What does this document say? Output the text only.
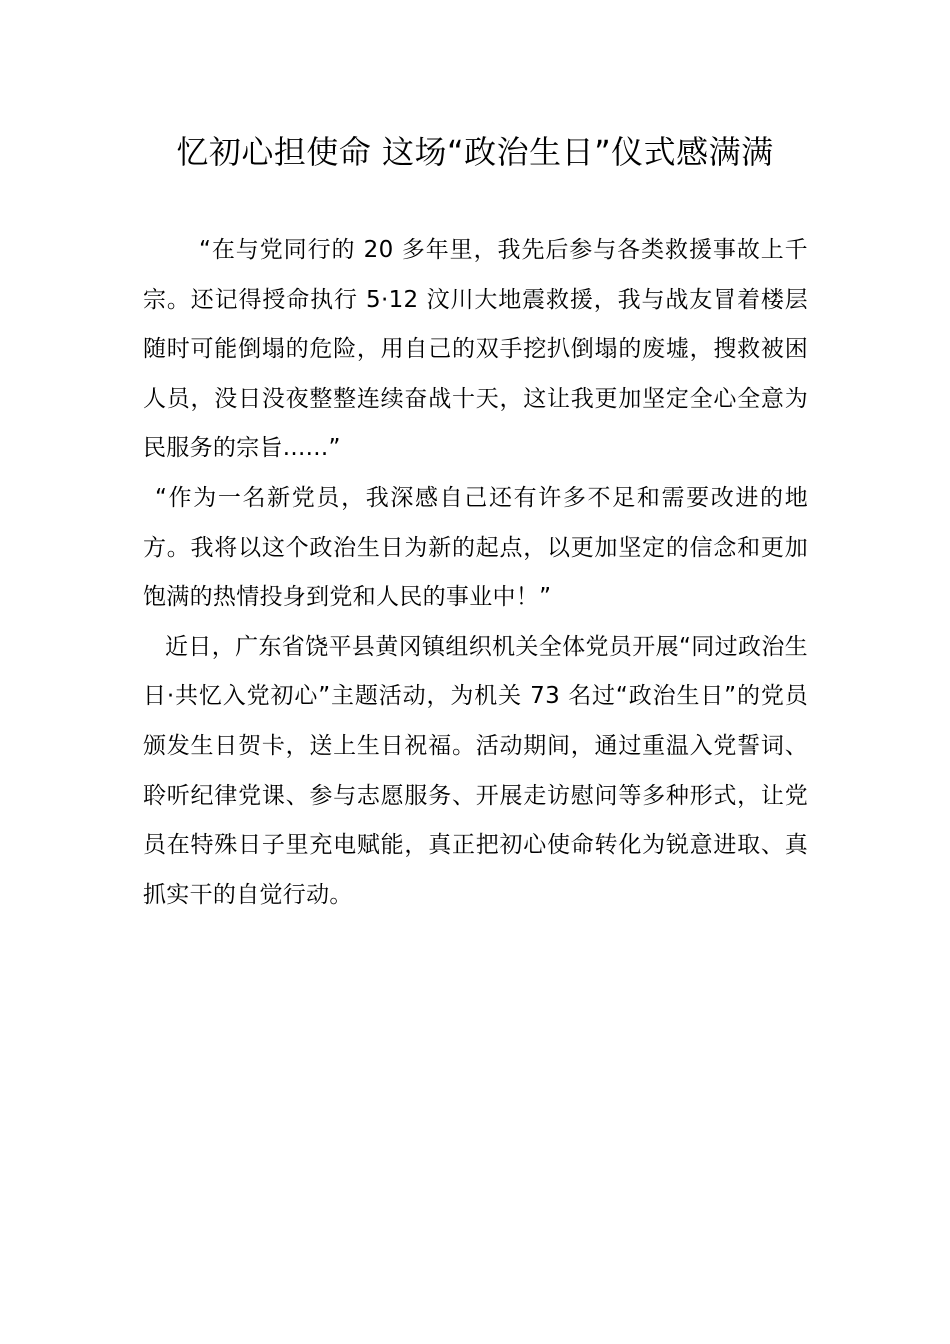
忆初心担使命 这场“政治生日”仪式感满满

“在与党同行的 20 多年里，我先后参与各类救援事故上千宗。还记得授命执行 5·12 汶川大地震救援，我与战友冒着楼层随时可能倒塌的危险，用自己的双手挖扒倒塌的废墟，搜救被困人员，没日没夜整整连续奋战十天，这让我更加坚定全心全意为民服务的宗旨......”

“作为一名新党员，我深感自己还有许多不足和需要改进的地方。我将以这个政治生日为新的起点，以更加坚定的信念和更加饱满的热情投身到党和人民的事业中！”

近日，广东省饶平县黄冈镇组织机关全体党员开展“同过政治生日·共忆入党初心”主题活动，为机关 73 名过“政治生日”的党员颁发生日贺卡，送上生日祝福。活动期间，通过重温入党誓词、聆听纪律党课、参与志愿服务、开展走访慰问等多种形式，让党员在特殊日子里充电赋能，真正把初心使命转化为锐意进取、真抓实干的自觉行动。
